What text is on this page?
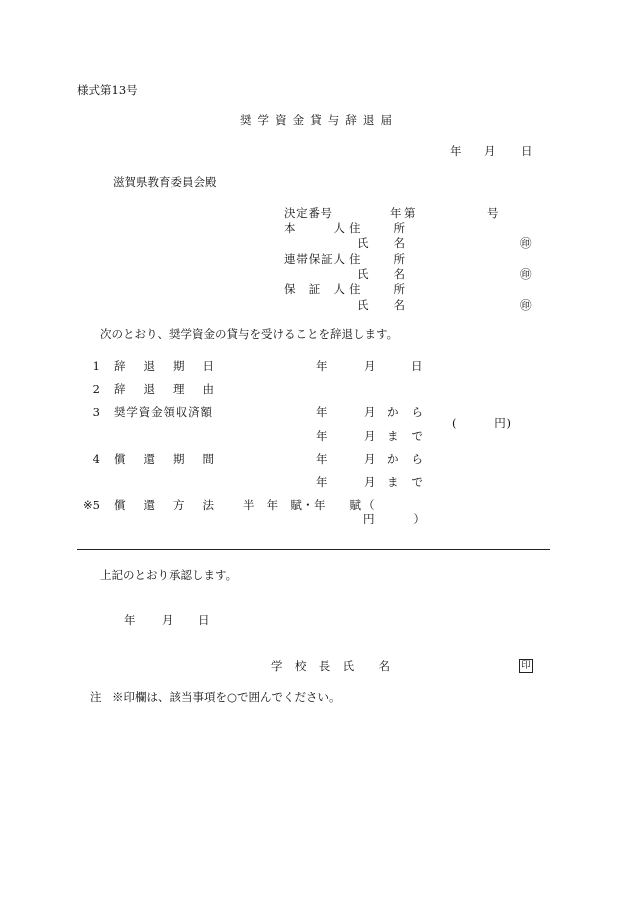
様式第13号
奨 学 資 金 貸 与 辞 退 届
年 月 日
滋賀県教育委員会殿
決定番号	年 第	号
本　　　人 住　　所
氏　名	㊞
連帯保証人 住　　所
氏　名	㊞
保　証　人 住　　所
氏　名	㊞
次のとおり、奨学資金の貸与を受けることを辞退します。
1 辞　退　期　日	年	月	日
2 辞　退　理　由
3 奨学資金領収済額	年	月 か　ら
年	月 ま　で
(　　　円)
4 償　還　期　間	年	月 か　ら
年	月 ま　で
※5 償　還　方　法	半　年　賦・年　　賦 （　　　円）
上記のとおり承認します。
年 月 日
学　校　長　氏　　名	印
注 ※印欄は、該当事項を○で囲んでください。
